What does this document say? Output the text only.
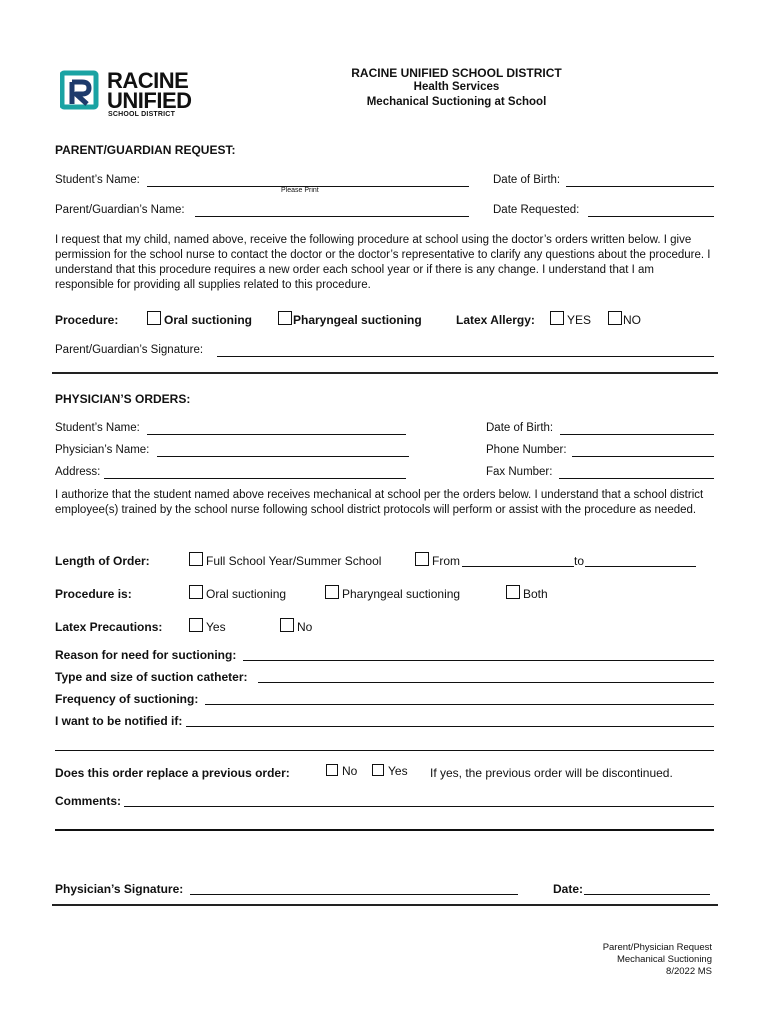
RACINE
UNIFIED
SCHOOL DISTRICT
RACINE UNIFIED SCHOOL DISTRICT
Health Services
Mechanical Suctioning at School
PARENT/GUARDIAN REQUEST:
Student’s Name:
Please Print
Date of Birth:
Parent/Guardian’s Name:	Date Requested:
I request that my child, named above, receive the following procedure at school using the doctor’s orders written below. I give permission for the school nurse to contact the doctor or the doctor’s representative to clarify any questions about the procedure. I understand that this procedure requires a new order each school year or if there is any change. I understand that I am responsible for providing all supplies related to this procedure.
Procedure:	Oral suctioning	Pharyngeal suctioning	Latex Allergy:	YES	NO
Parent/Guardian’s Signature:
PHYSICIAN’S ORDERS:
Student’s Name:	Date of Birth:
Physician’s Name:	Phone Number:
Address:	Fax Number:
I authorize that the student named above receives mechanical at school per the orders below. I understand that a school district employee(s) trained by the school nurse following school district protocols will perform or assist with the procedure as needed.
Length of Order:	Full School Year/Summer School	From	to
Procedure is:	Oral suctioning	Pharyngeal suctioning	Both
Latex Precautions:	Yes	No
Reason for need for suctioning:
Type and size of suction catheter:
Frequency of suctioning:
I want to be notified if:
Does this order replace a previous order:	No	Yes If yes, the previous order will be discontinued.
Comments:
Physician’s Signature:	Date:
Parent/Physician Request
Mechanical Suctioning
8/2022 MS
